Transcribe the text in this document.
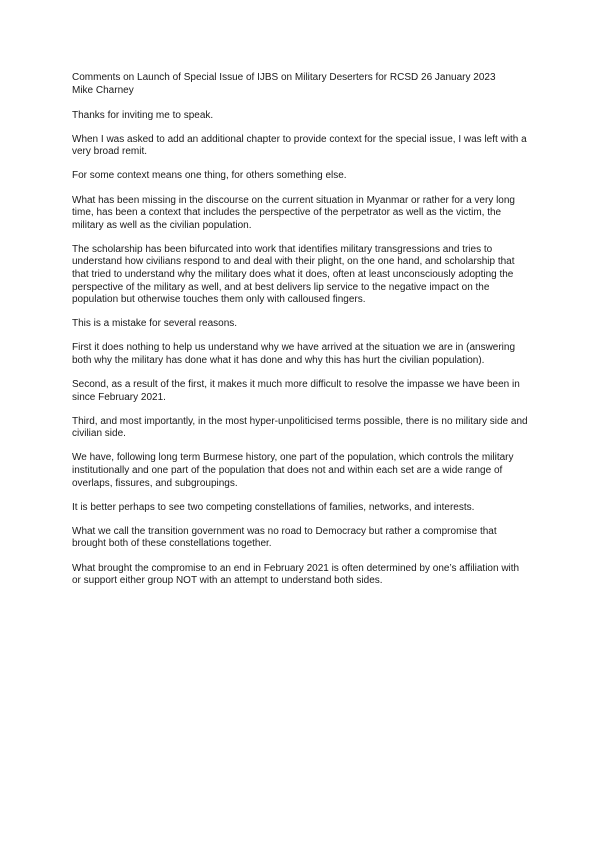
Comments on Launch of Special Issue of IJBS on Military Deserters for RCSD 26 January 2023
Mike Charney

Thanks for inviting me to speak.

When I was asked to add an additional chapter to provide context for the special issue, I was left with a very broad remit.

For some context means one thing, for others something else.

What has been missing in the discourse on the current situation in Myanmar or rather for a very long time, has been a context that includes the perspective of the perpetrator as well as the victim, the military as well as the civilian population.

The scholarship has been bifurcated into work that identifies military transgressions and tries to understand how civilians respond to and deal with their plight, on the one hand, and scholarship that that tried to understand why the military does what it does, often at least unconsciously adopting the perspective of the military as well, and at best delivers lip service to the negative impact on the population but otherwise touches them only with calloused fingers.

This is a mistake for several reasons.

First it does nothing to help us understand why we have arrived at the situation we are in (answering both why the military has done what it has done and why this has hurt the civilian population).

Second, as a result of the first, it makes it much more difficult to resolve the impasse we have been in since February 2021.

Third, and most importantly, in the most hyper-unpoliticised terms possible, there is no military side and civilian side.

We have, following long term Burmese history, one part of the population, which controls the military institutionally and one part of the population that does not and within each set are a wide range of overlaps, fissures, and subgroupings.

It is better perhaps to see two competing constellations of families, networks, and interests.

What we call the transition government was no road to Democracy but rather a compromise that brought both of these constellations together.

What brought the compromise to an end in February 2021 is often determined by one’s affiliation with or support either group NOT with an attempt to understand both sides.
